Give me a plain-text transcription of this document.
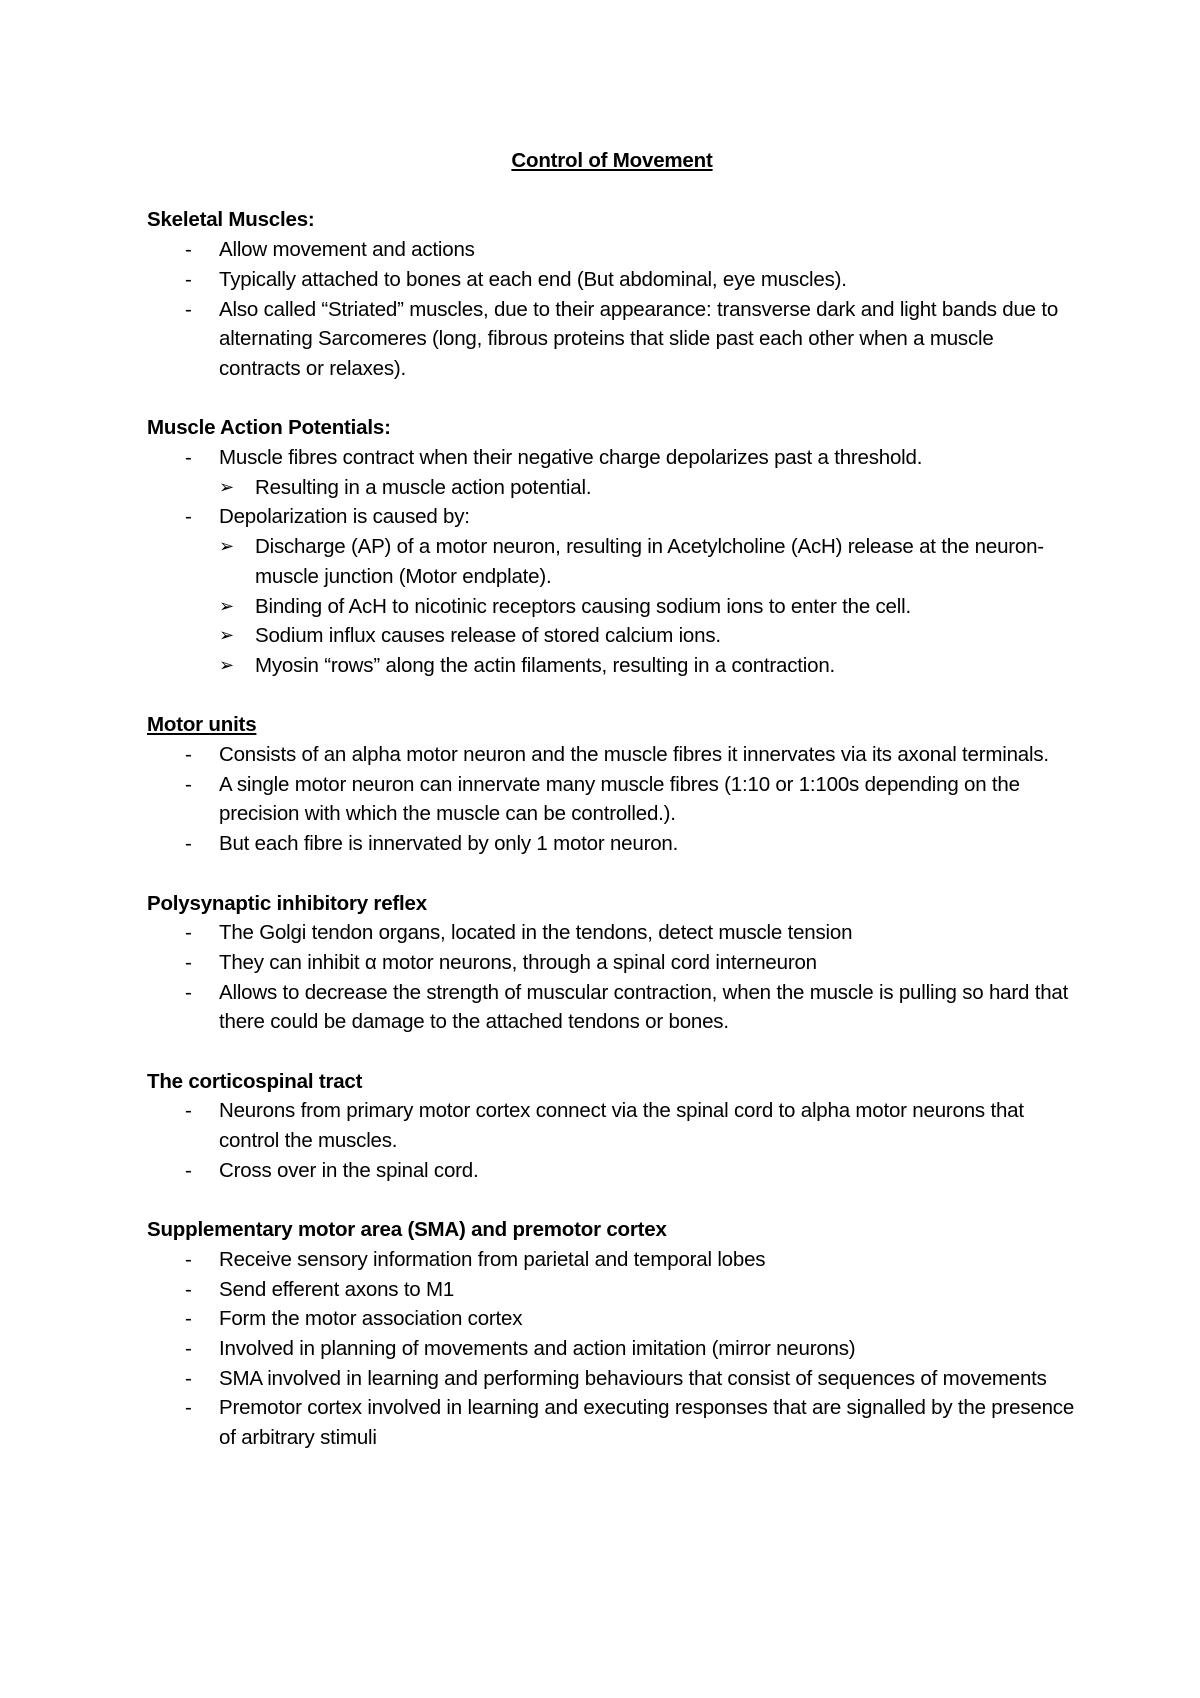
Control of Movement
Skeletal Muscles:
- Allow movement and actions
- Typically attached to bones at each end (But abdominal, eye muscles).
- Also called “Striated” muscles, due to their appearance: transverse dark and light bands due to alternating Sarcomeres (long, fibrous proteins that slide past each other when a muscle contracts or relaxes).
Muscle Action Potentials:
- Muscle fibres contract when their negative charge depolarizes past a threshold.
➢ Resulting in a muscle action potential.
- Depolarization is caused by:
➢ Discharge (AP) of a motor neuron, resulting in Acetylcholine (AcH) release at the neuron-muscle junction (Motor endplate).
➢ Binding of AcH to nicotinic receptors causing sodium ions to enter the cell.
➢ Sodium influx causes release of stored calcium ions.
➢ Myosin “rows” along the actin filaments, resulting in a contraction.
Motor units
- Consists of an alpha motor neuron and the muscle fibres it innervates via its axonal terminals.
- A single motor neuron can innervate many muscle fibres (1:10 or 1:100s depending on the precision with which the muscle can be controlled.).
- But each fibre is innervated by only 1 motor neuron.
Polysynaptic inhibitory reflex
- The Golgi tendon organs, located in the tendons, detect muscle tension
- They can inhibit α motor neurons, through a spinal cord interneuron
- Allows to decrease the strength of muscular contraction, when the muscle is pulling so hard that there could be damage to the attached tendons or bones.
The corticospinal tract
- Neurons from primary motor cortex connect via the spinal cord to alpha motor neurons that control the muscles.
- Cross over in the spinal cord.
Supplementary motor area (SMA) and premotor cortex
- Receive sensory information from parietal and temporal lobes
- Send efferent axons to M1
- Form the motor association cortex
- Involved in planning of movements and action imitation (mirror neurons)
- SMA involved in learning and performing behaviours that consist of sequences of movements
- Premotor cortex involved in learning and executing responses that are signalled by the presence of arbitrary stimuli
